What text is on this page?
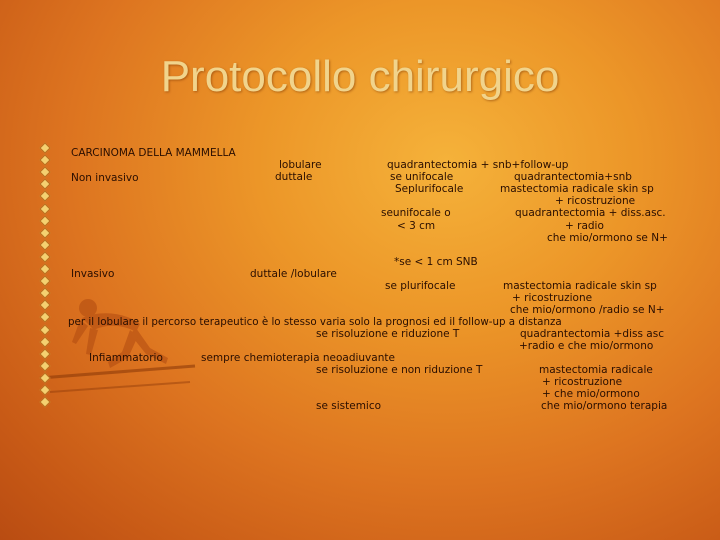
Protocollo chirurgico
CARCINOMA DELLA MAMMELLA
lobulare	quadrantectomia + snb+follow-up
Non invasivo	duttale	se unifocale	quadrantectomia+snb
Seplurifocale	mastectomia radicale skin sp
+ ricostruzione
seunifocale o	quadrantectomia + diss.asc.
< 3 cm	+ radio
che mio/ormono se N+
*se < 1 cm SNB
Invasivo	duttale /lobulare
se plurifocale	mastectomia radicale skin sp
+ ricostruzione
che mio/ormono /radio se N+
per il lobulare il percorso terapeutico è lo stesso varia solo la prognosi ed il follow-up a distanza
se risoluzione e riduzione T	quadrantectomia +diss asc
+radio e che mio/ormono
Infiammatorio	sempre chemioterapia neoadiuvante
se risoluzione e non riduzione T	mastectomia radicale
+ ricostruzione
+ che mio/ormono
se sistemico	che mio/ormono terapia
